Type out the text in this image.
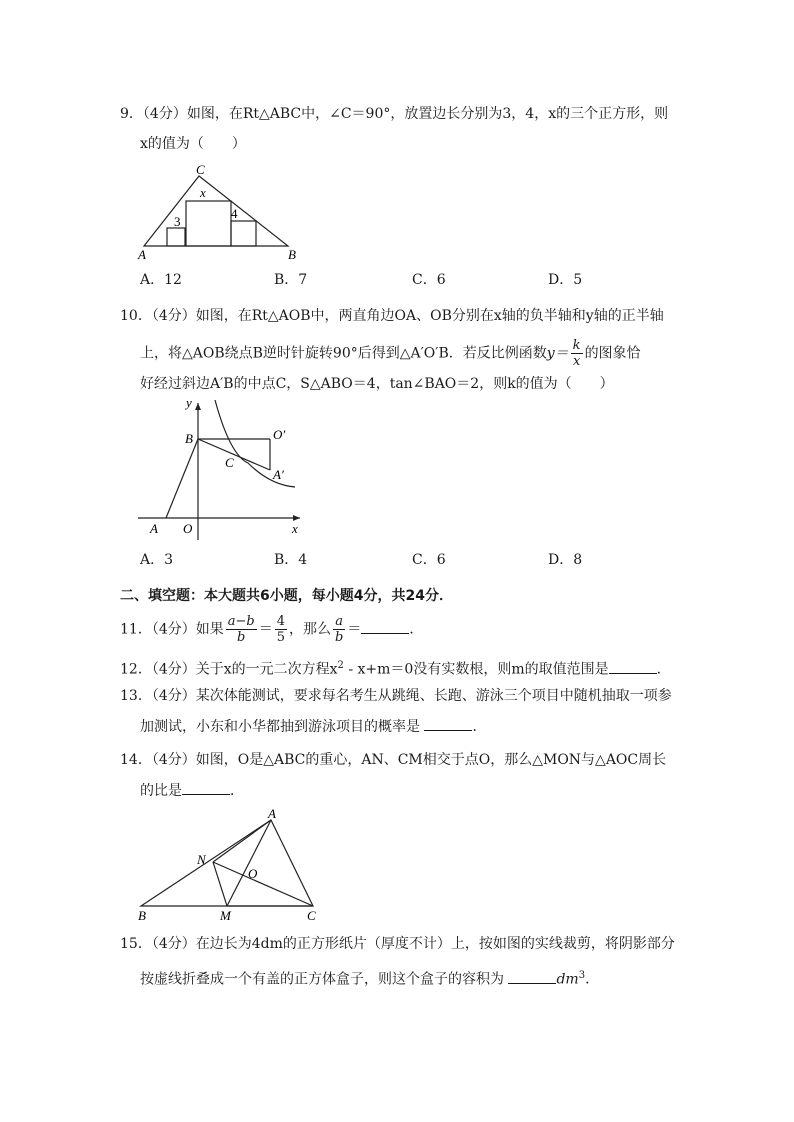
9．（4分）如图，在Rt△ABC中，∠C＝90°，放置边长分别为3，4，x的三个正方形，则
x的值为（　　）
C
x
3
4
A	B
A．12	B．7	C．6	D．5
10．（4分）如图，在Rt△AOB中，两直角边OA、OB分别在x轴的负半轴和y轴的正半轴
上，将△AOB绕点B逆时针旋转90°后得到△A′O′B．若反比例函数$y= \frac{k}{x}$ 的图象恰
好经过斜边A′B的中点C，S△ABO＝4，tan∠BAO＝2，则k的值为（　　）
y
x
B	O′
C
A′
A O
A．3	B．4	C．6	D．8
二、填空题：本大题共6小题，每小题4分，共24分．
11．（4分）如果 $\frac{a-b}{b} = \frac{4}{5}$ ，那么 $\frac{a}{b}$ ＝	．
12．（4分）关于x的一元二次方程$x^2 - x+m=0$没有实数根，则m的取值范围是	．
13．（4分）某次体能测试，要求每名考生从跳绳、长跑、游泳三个项目中随机抽取一项参
加测试，小东和小华都抽到游泳项目的概率是	．
14．（4分）如图，O是△ABC的重心，AN、CM相交于点O，那么△MON与△AOC周长
的比是	．
A
N
O
B	M	C
15．（4分）在边长为4dm的正方形纸片（厚度不计）上，按如图的实线裁剪，将阴影部分
按虚线折叠成一个有盖的正方体盒子，则这个盒子的容积为	$dm^3$．
